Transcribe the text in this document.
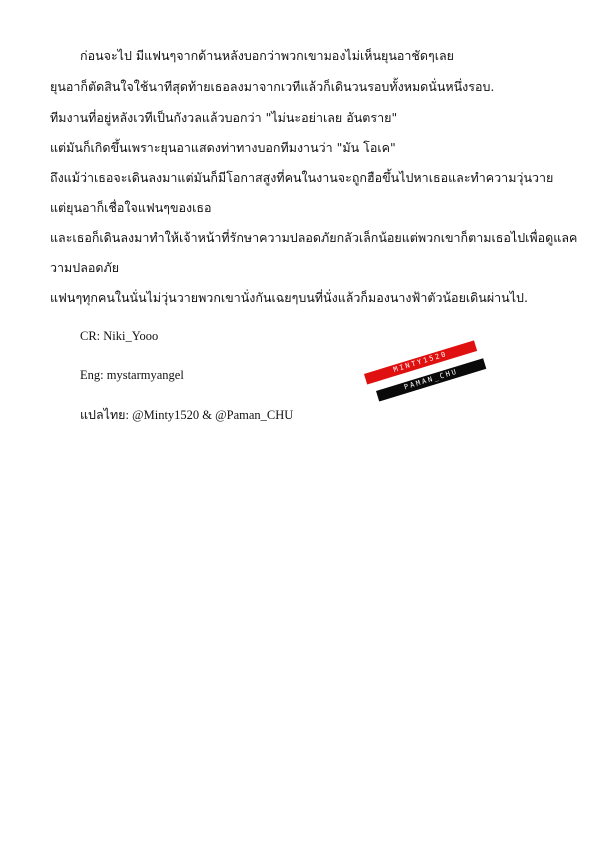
ก่อนจะไป มีแฟนๆจากด้านหลังบอกว่าพวกเขามองไม่เห็นยุนอาชัดๆเลย
ยุนอาก็ตัดสินใจใช้นาทีสุดท้ายเธอลงมาจากเวทีแล้วก็เดินวนรอบทั้งหมดนั่นหนึ่งรอบ.
ทีมงานที่อยู่หลังเวทีเป็นกังวลแล้วบอกว่า "ไม่นะอย่าเลย อันตราย"
แต่มันก็เกิดขึ้นเพราะยุนอาแสดงท่าทางบอกทีมงานว่า "มัน โอเค"
ถึงแม้ว่าเธอจะเดินลงมาแต่มันก็มีโอกาสสูงที่คนในงานจะถูกฮือขึ้นไปหาเธอและทำความวุ่นวาย
แต่ยุนอาก็เชื่อใจแฟนๆของเธอ
และเธอก็เดินลงมาทำให้เจ้าหน้าที่รักษาความปลอดภัยกลัวเล็กน้อยแต่พวกเขาก็ตามเธอไปเพื่อดูแลค
วามปลอดภัย
แฟนๆทุกคนในนั่นไม่วุ่นวายพวกเขานั่งกันเฉยๆบนที่นั่งแล้วก็มองนางฟ้าตัวน้อยเดินผ่านไป.
CR: Niki_Yooo
Eng: mystarmyangel
แปลไทย: @Minty1520 & @Paman_CHU
MINTY1520
PAMAN_CHU
